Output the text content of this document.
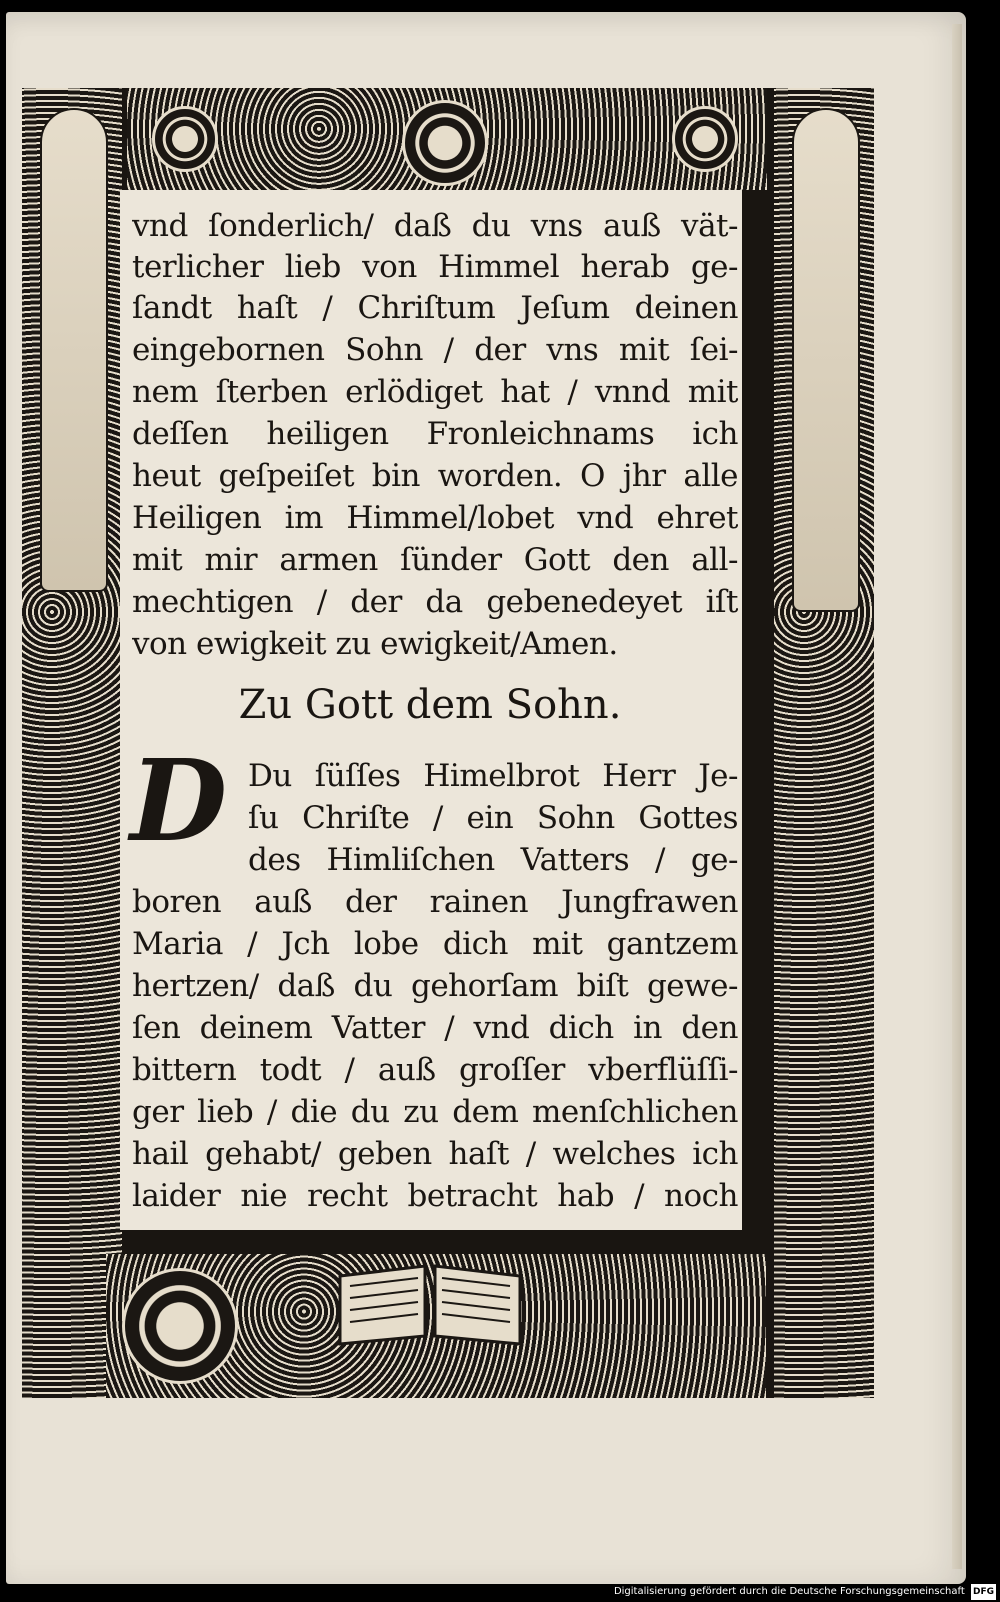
vnd ſonderlich/ daß du vns auß vät-
terlicher lieb von Himmel herab ge-
ſandt haſt / Chriſtum Jeſum deinen
eingebornen Sohn / der vns mit ſei-
nem ſterben erlödiget hat / vnnd mit
deſſen heiligen Fronleichnams ich
heut geſpeiſet bin worden. O jhr alle
Heiligen im Himmel/lobet vnd ehret
mit mir armen ſünder Gott den all-
mechtigen / der da gebenedeyet iſt
von ewigkeit zu ewigkeit/Amen.
Zu Gott dem Sohn.
D Du ſüſſes Himelbrot Herr Je-
ſu Chriſte / ein Sohn Gottes
des Himliſchen Vatters / ge-
boren auß der rainen Jungfrawen
Maria / Jch lobe dich mit gantzem
hertzen/ daß du gehorſam biſt gewe-
ſen deinem Vatter / vnd dich in den
bittern todt / auß groſſer vberflüſſi-
ger lieb / die du zu dem menſchlichen
hail gehabt/ geben haſt / welches ich
laider nie recht betracht hab / noch
Digitalisierung gefördert durch die Deutsche Forschungsgemeinschaft DFG
